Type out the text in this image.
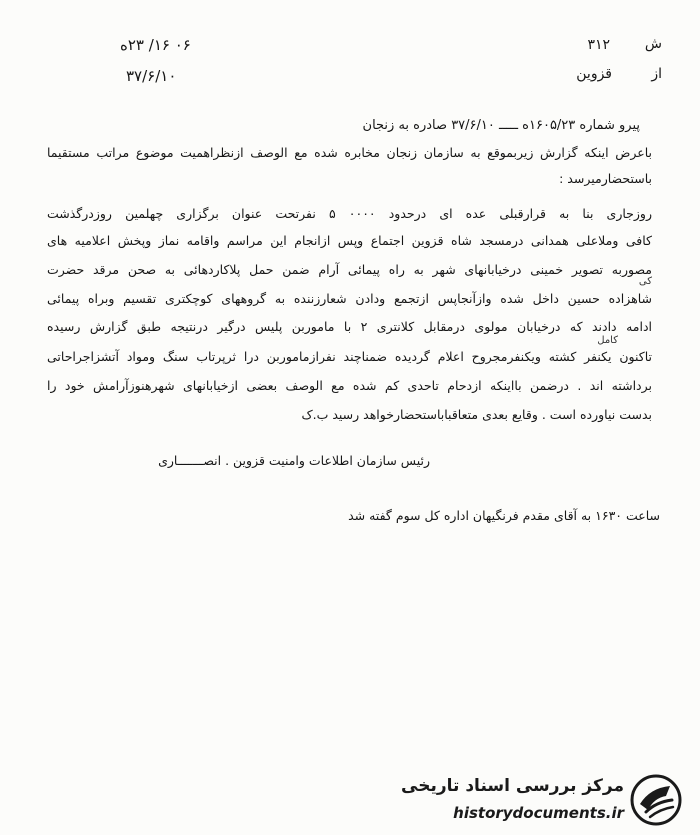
ش
۳۱۲
از
قزوین
۰۶ ۱۶/ ۲۳ه
۳۷/۶/۱۰
پیرو شماره ۱۶۰۵/۲۳ه ـــــ ۳۷/۶/۱۰ صادره به زنجان
باعرض اینکه گزارش زیربموقع به سازمان زنجان مخابره شده مع الوصف ازنظراهمیت موضوع مراتب مستقیما
باستحضارمیرسد :
روزجاری بنا به قرارقبلی عده ای درحدود ۰۰۰۰ ۵ نفرتحت عنوان برگزاری چهلمین روزدرگذشت
کافی وملاعلی همدانی درمسجد شاه قزوین اجتماع وپس ازانجام این مراسم واقامه نماز وپخش اعلامیه های
مصوربه تصویر خمینی درخیابانهای شهر به راه پیمائی آرام ضمن حمل پلاکاردهائی به صحن مرقد حضرت
کی
شاهزاده حسین داخل شده وازآنجاپس ازتجمع ودادن شعارزننده به گروههای کوچکتری تقسیم وبراه پیمائی
ادامه دادند که درخیابان مولوی درمقابل کلانتری ۲ با ماموربن پلیس درگیر درنتیجه طبق گزارش رسیده
کامل
تاکنون یکنفر کشته ویکنفرمجروح اعلام گردیده ضمناچند نفرازماموربن درا ثرپرتاب سنگ ومواد آتشزاجراحاتی
برداشته اند . درضمن بااینکه ازدحام تاحدی کم شده مع الوصف بعضی ازخیابانهای شهرهنوزآرامش خود را
بدست نیاورده است . وقایع بعدی متعاقباباستحضارخواهد رسید ب.ک
رئیس سازمان اطلاعات وامنیت قزوین . انصـــــــاری
ساعت ۱۶۳۰ به آقای مقدم فرنگیهان اداره کل سوم گفته شد
مرکز بررسی اسناد تاریخی
historydocuments.ir
